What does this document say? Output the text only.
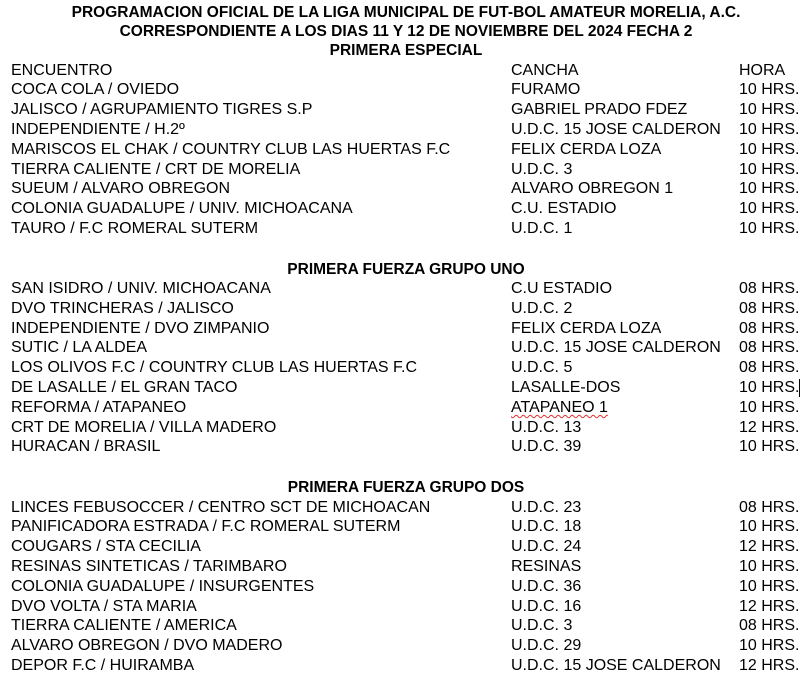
PROGRAMACION OFICIAL DE LA LIGA MUNICIPAL DE FUT-BOL AMATEUR MORELIA, A.C.
CORRESPONDIENTE A LOS DIAS 11 Y 12 DE NOVIEMBRE DEL 2024 FECHA 2
PRIMERA ESPECIAL
ENCUENTRO	CANCHA	HORA
COCA COLA / OVIEDO	FURAMO	10 HRS.
JALISCO / AGRUPAMIENTO TIGRES S.P	GABRIEL PRADO FDEZ	10 HRS.
INDEPENDIENTE / H.2º	U.D.C. 15 JOSE CALDERON 10 HRS.
MARISCOS EL CHAK / COUNTRY CLUB LAS HUERTAS F.C	FELIX CERDA LOZA	10 HRS.
TIERRA CALIENTE / CRT DE MORELIA	U.D.C. 3	10 HRS.
SUEUM / ALVARO OBREGON	ALVARO OBREGON 1	10 HRS.
COLONIA GUADALUPE / UNIV. MICHOACANA	C.U. ESTADIO	10 HRS.
TAURO / F.C ROMERAL SUTERM	U.D.C. 1	10 HRS.
PRIMERA FUERZA GRUPO UNO
SAN ISIDRO / UNIV. MICHOACANA	C.U ESTADIO	08 HRS.
DVO TRINCHERAS / JALISCO	U.D.C. 2	08 HRS.
INDEPENDIENTE / DVO ZIMPANIO	FELIX CERDA LOZA	08 HRS.
SUTIC / LA ALDEA	U.D.C. 15 JOSE CALDERON 08 HRS.
LOS OLIVOS F.C / COUNTRY CLUB LAS HUERTAS F.C	U.D.C. 5	08 HRS.
DE LASALLE / EL GRAN TACO	LASALLE-DOS	10 HRS.
REFORMA / ATAPANEO	ATAPANEO 1	10 HRS.
CRT DE MORELIA / VILLA MADERO	U.D.C. 13	12 HRS.
HURACAN / BRASIL	U.D.C. 39	10 HRS.
PRIMERA FUERZA GRUPO DOS
LINCES FEBUSOCCER / CENTRO SCT DE MICHOACAN	U.D.C. 23	08 HRS.
PANIFICADORA ESTRADA / F.C ROMERAL SUTERM	U.D.C. 18	10 HRS.
COUGARS / STA CECILIA	U.D.C. 24	12 HRS.
RESINAS SINTETICAS / TARIMBARO	RESINAS	10 HRS.
COLONIA GUADALUPE / INSURGENTES	U.D.C. 36	10 HRS.
DVO VOLTA / STA MARIA	U.D.C. 16	12 HRS.
TIERRA CALIENTE / AMERICA	U.D.C. 3	08 HRS.
ALVARO OBREGON / DVO MADERO	U.D.C. 29	10 HRS.
DEPOR F.C / HUIRAMBA	U.D.C. 15 JOSE CALDERON 12 HRS.
